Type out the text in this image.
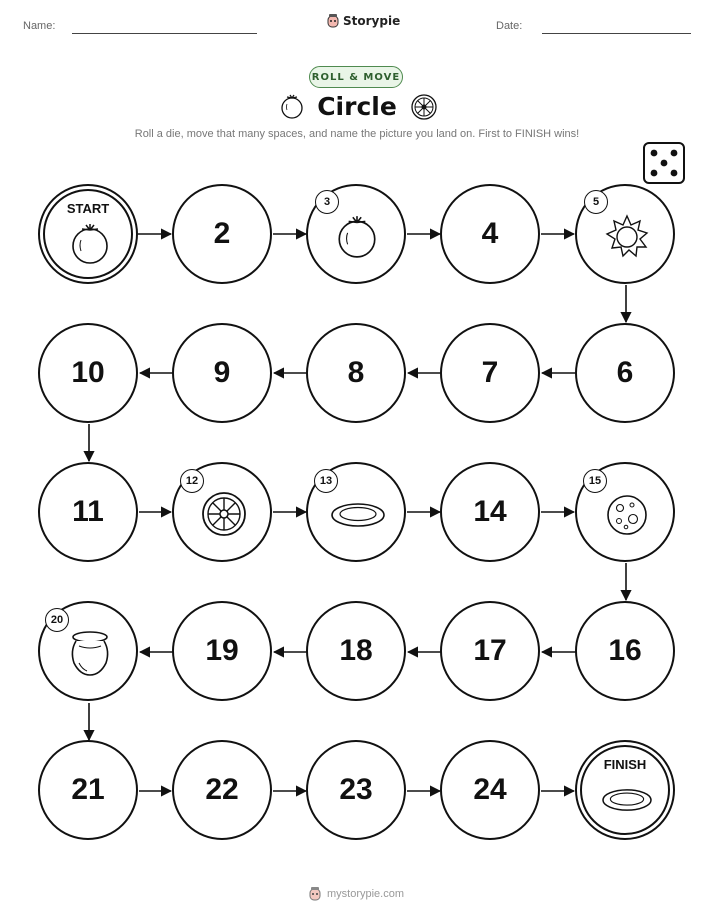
Name:	Storypie	Date:
ROLL & MOVE
Circle
Roll a die, move that many spaces, and name the picture you land on. First to FINISH wins!
START
2
3
4
5
10	9	8	7	6
11
12	13
14
15
20
19	18	17	16
21	22	23	24
FINISH
mystorypie.com
